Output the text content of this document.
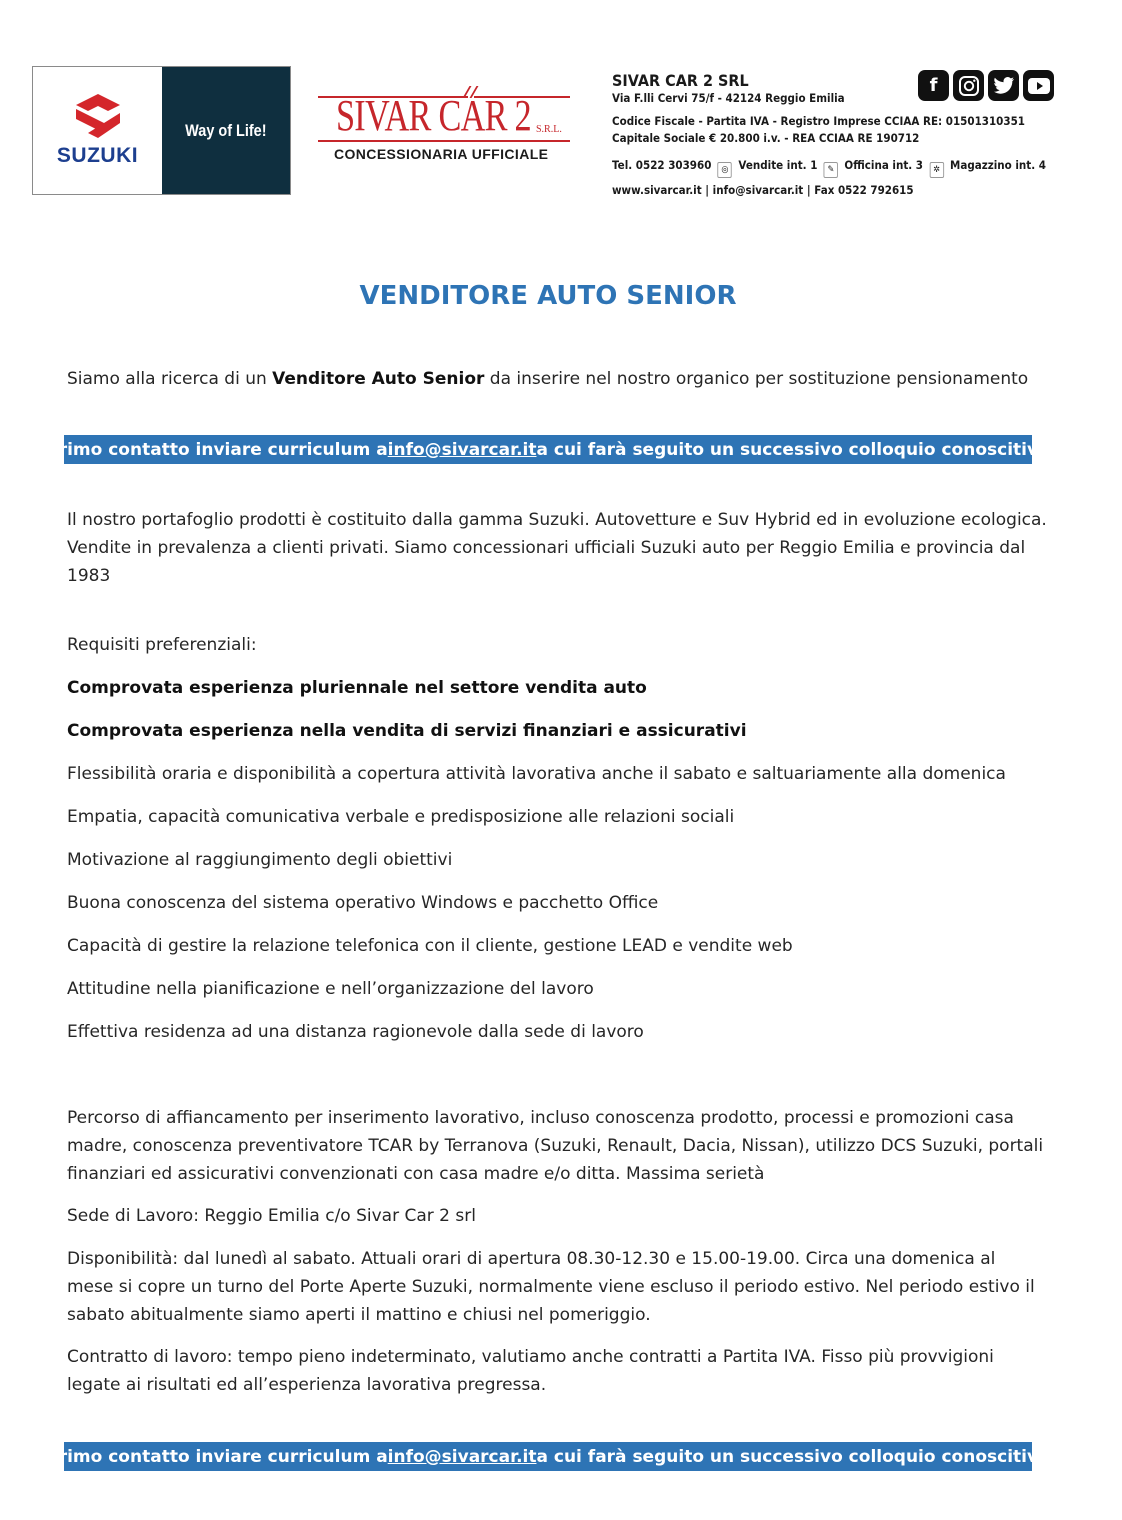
SUZUKI
Way of Life! SIVAR CAR 2 S.R.L.
CONCESSIONARIA UFFICIALE
SIVAR CAR 2 SRL
Via F.lli Cervi 75/f - 42124 Reggio Emilia
Codice Fiscale - Partita IVA - Registro Imprese CCIAA RE: 01501310351
Capitale Sociale € 20.800 i.v. - REA CCIAA RE 190712
Tel. 0522 303960 ◎ Vendite int. 1 ✎ Officina int. 3 ✲ Magazzino int. 4
www.sivarcar.it | info@sivarcar.it | Fax 0522 792615
f
VENDITORE AUTO SENIOR

Siamo alla ricerca di un Venditore Auto Senior da inserire nel nostro organico per sostituzione pensionamento

Primo contatto inviare curriculum a info@sivarcar.it a cui farà seguito un successivo colloquio conoscitivo

Il nostro portafoglio prodotti è costituito dalla gamma Suzuki. Autovetture e Suv Hybrid ed in evoluzione ecologica. Vendite in prevalenza a clienti privati. Siamo concessionari ufficiali Suzuki auto per Reggio Emilia e provincia dal 1983

Requisiti preferenziali:

Comprovata esperienza pluriennale nel settore vendita auto

Comprovata esperienza nella vendita di servizi finanziari e assicurativi

Flessibilità oraria e disponibilità a copertura attività lavorativa anche il sabato e saltuariamente alla domenica

Empatia, capacità comunicativa verbale e predisposizione alle relazioni sociali

Motivazione al raggiungimento degli obiettivi

Buona conoscenza del sistema operativo Windows e pacchetto Office

Capacità di gestire la relazione telefonica con il cliente, gestione LEAD e vendite web

Attitudine nella pianificazione e nell’organizzazione del lavoro

Effettiva residenza ad una distanza ragionevole dalla sede di lavoro

Percorso di affiancamento per inserimento lavorativo, incluso conoscenza prodotto, processi e promozioni casa madre, conoscenza preventivatore TCAR by Terranova (Suzuki, Renault, Dacia, Nissan), utilizzo DCS Suzuki, portali finanziari ed assicurativi convenzionati con casa madre e/o ditta. Massima serietà

Sede di Lavoro: Reggio Emilia c/o Sivar Car 2 srl

Disponibilità: dal lunedì al sabato. Attuali orari di apertura 08.30-12.30 e 15.00-19.00. Circa una domenica al mese si copre un turno del Porte Aperte Suzuki, normalmente viene escluso il periodo estivo. Nel periodo estivo il sabato abitualmente siamo aperti il mattino e chiusi nel pomeriggio.

Contratto di lavoro: tempo pieno indeterminato, valutiamo anche contratti a Partita IVA. Fisso più provvigioni legate ai risultati ed all’esperienza lavorativa pregressa.

Primo contatto inviare curriculum a info@sivarcar.it a cui farà seguito un successivo colloquio conoscitivo
